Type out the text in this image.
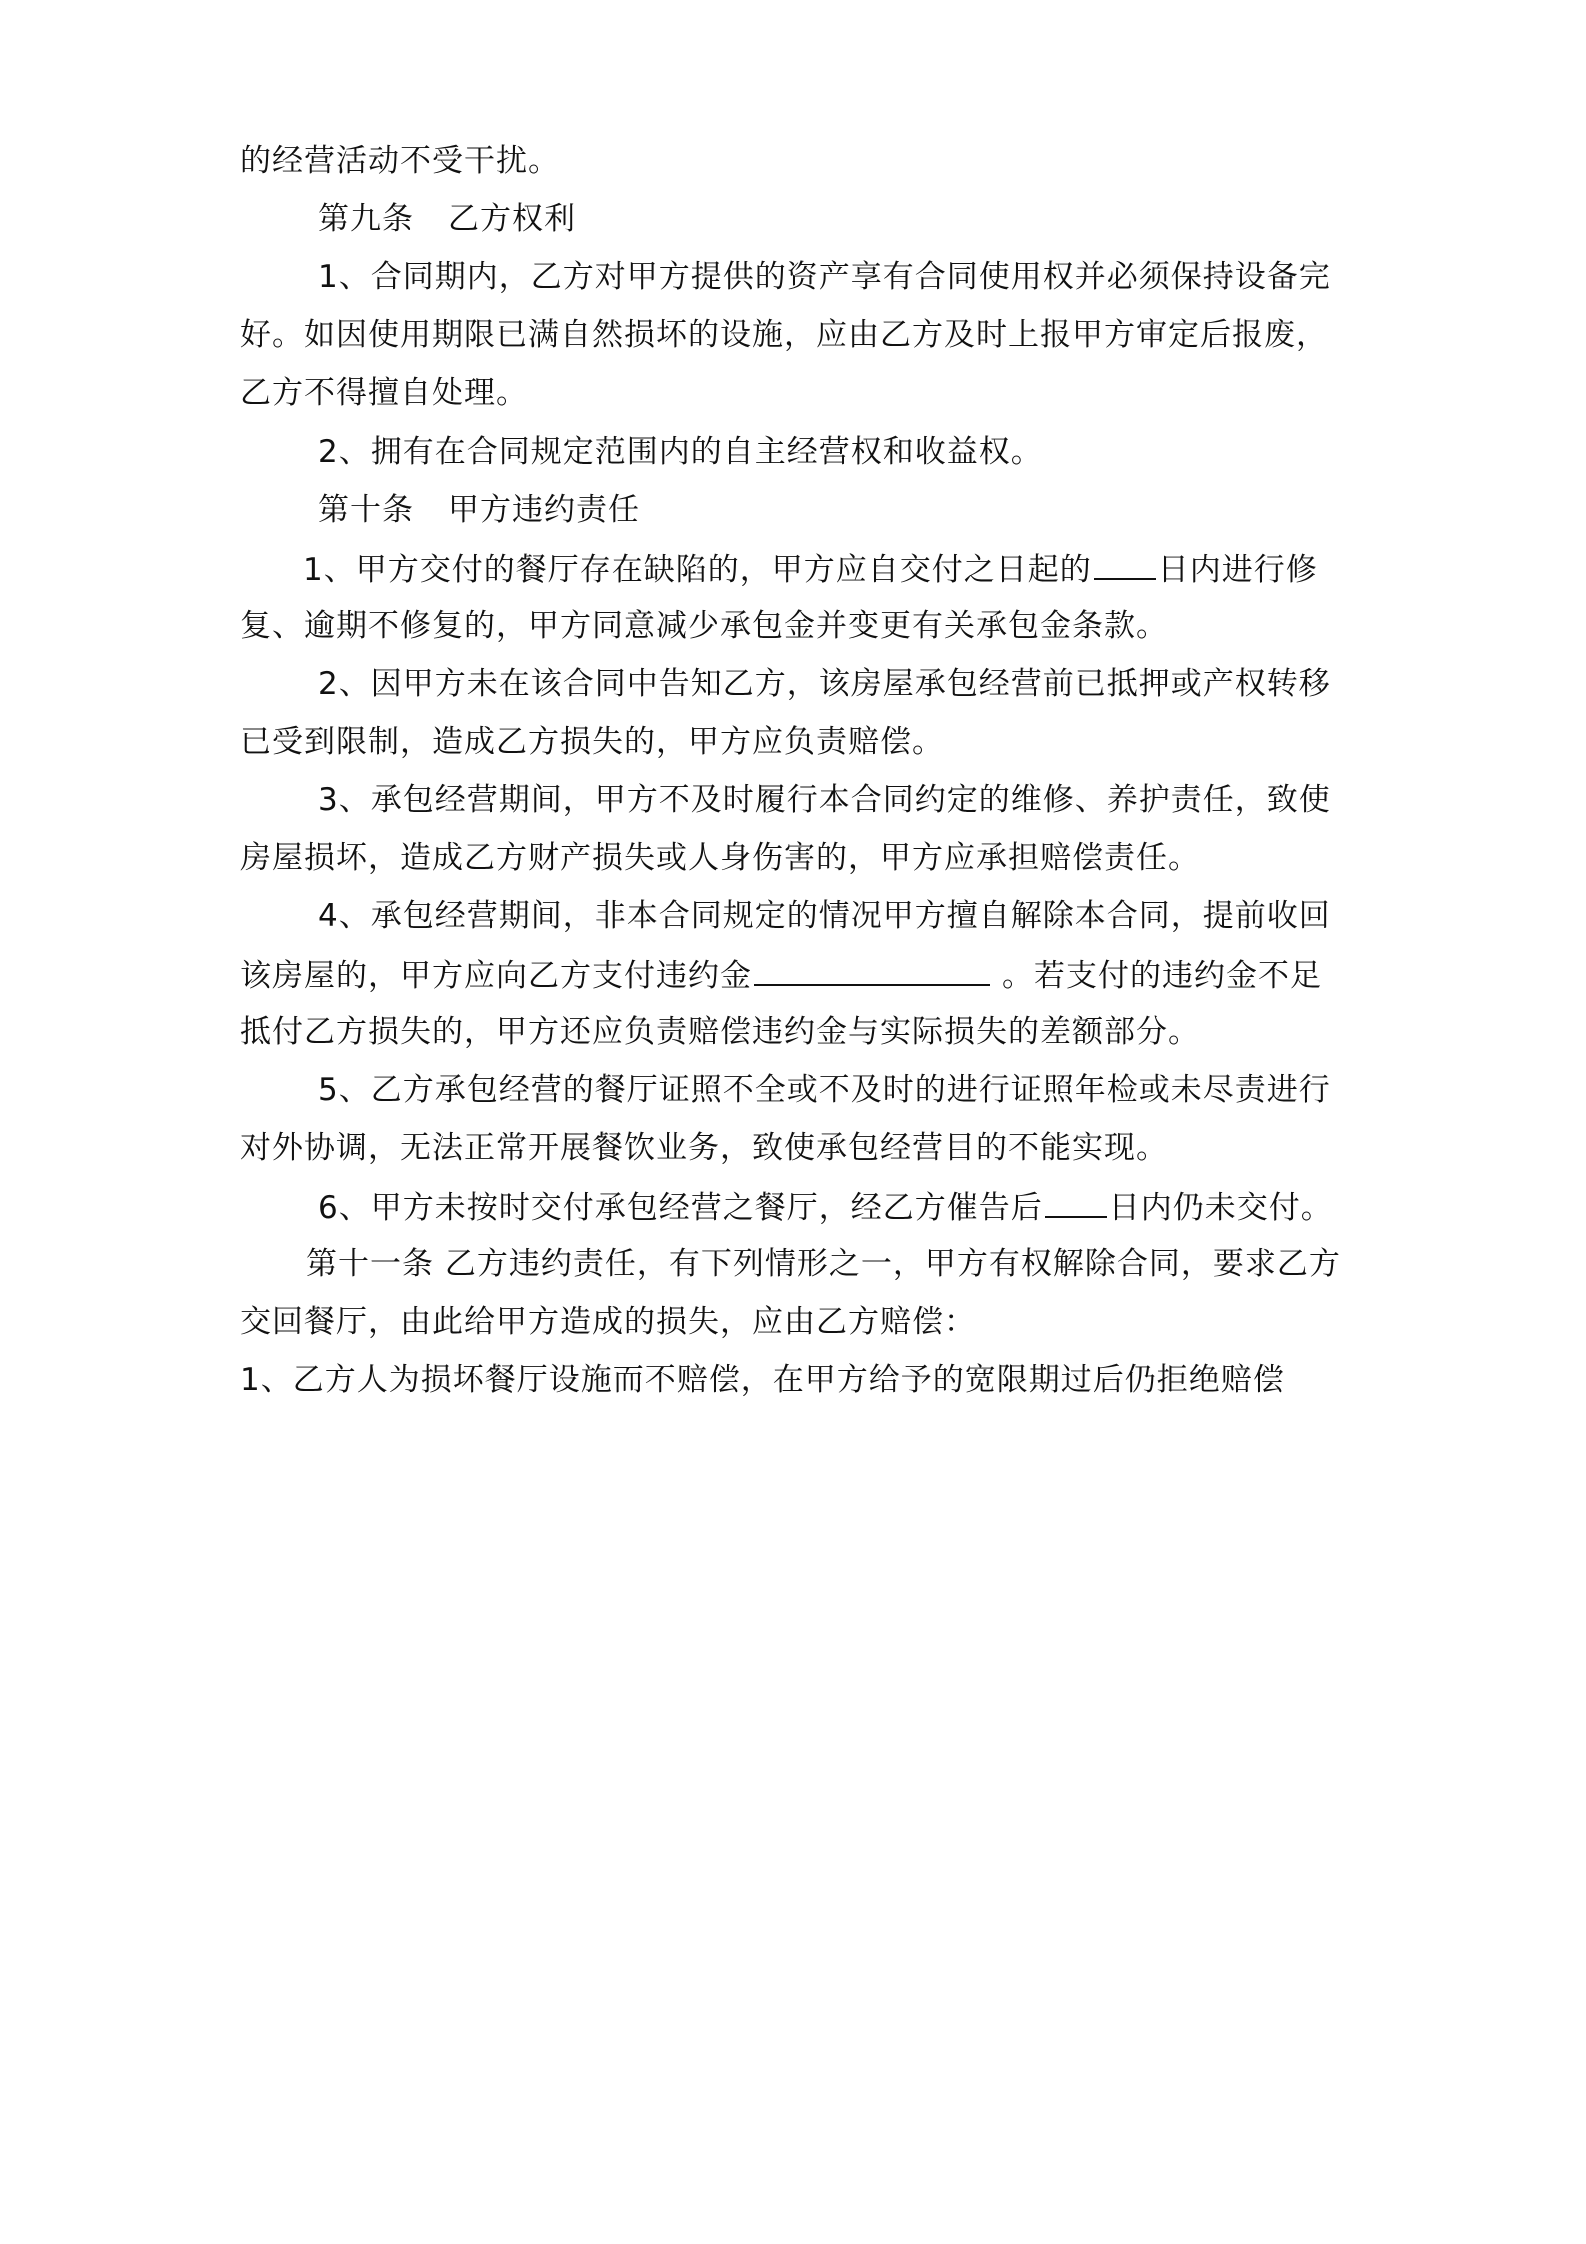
的经营活动不受干扰。
第九条 乙方权利
1、合同期内，乙方对甲方提供的资产享有合同使用权并必须保持设备完
好。如因使用期限已满自然损坏的设施，应由乙方及时上报甲方审定后报废，
乙方不得擅自处理。
2、拥有在合同规定范围内的自主经营权和收益权。
第十条 甲方违约责任
1、甲方交付的餐厅存在缺陷的，甲方应自交付之日起的 日内进行修
复、逾期不修复的，甲方同意减少承包金并变更有关承包金条款。
2、因甲方未在该合同中告知乙方，该房屋承包经营前已抵押或产权转移
已受到限制，造成乙方损失的，甲方应负责赔偿。
3、承包经营期间，甲方不及时履行本合同约定的维修、养护责任，致使
房屋损坏，造成乙方财产损失或人身伤害的，甲方应承担赔偿责任。
4、承包经营期间，非本合同规定的情况甲方擅自解除本合同，提前收回
该房屋的，甲方应向乙方支付违约金	。若支付的违约金不足
抵付乙方损失的，甲方还应负责赔偿违约金与实际损失的差额部分。
5、乙方承包经营的餐厅证照不全或不及时的进行证照年检或未尽责进行
对外协调，无法正常开展餐饮业务，致使承包经营目的不能实现。
6、甲方未按时交付承包经营之餐厅，经乙方催告后 日内仍未交付。
第十一条 乙方违约责任，有下列情形之一，甲方有权解除合同，要求乙方
交回餐厅，由此给甲方造成的损失，应由乙方赔偿：
1、乙方人为损坏餐厅设施而不赔偿，在甲方给予的宽限期过后仍拒绝赔偿
